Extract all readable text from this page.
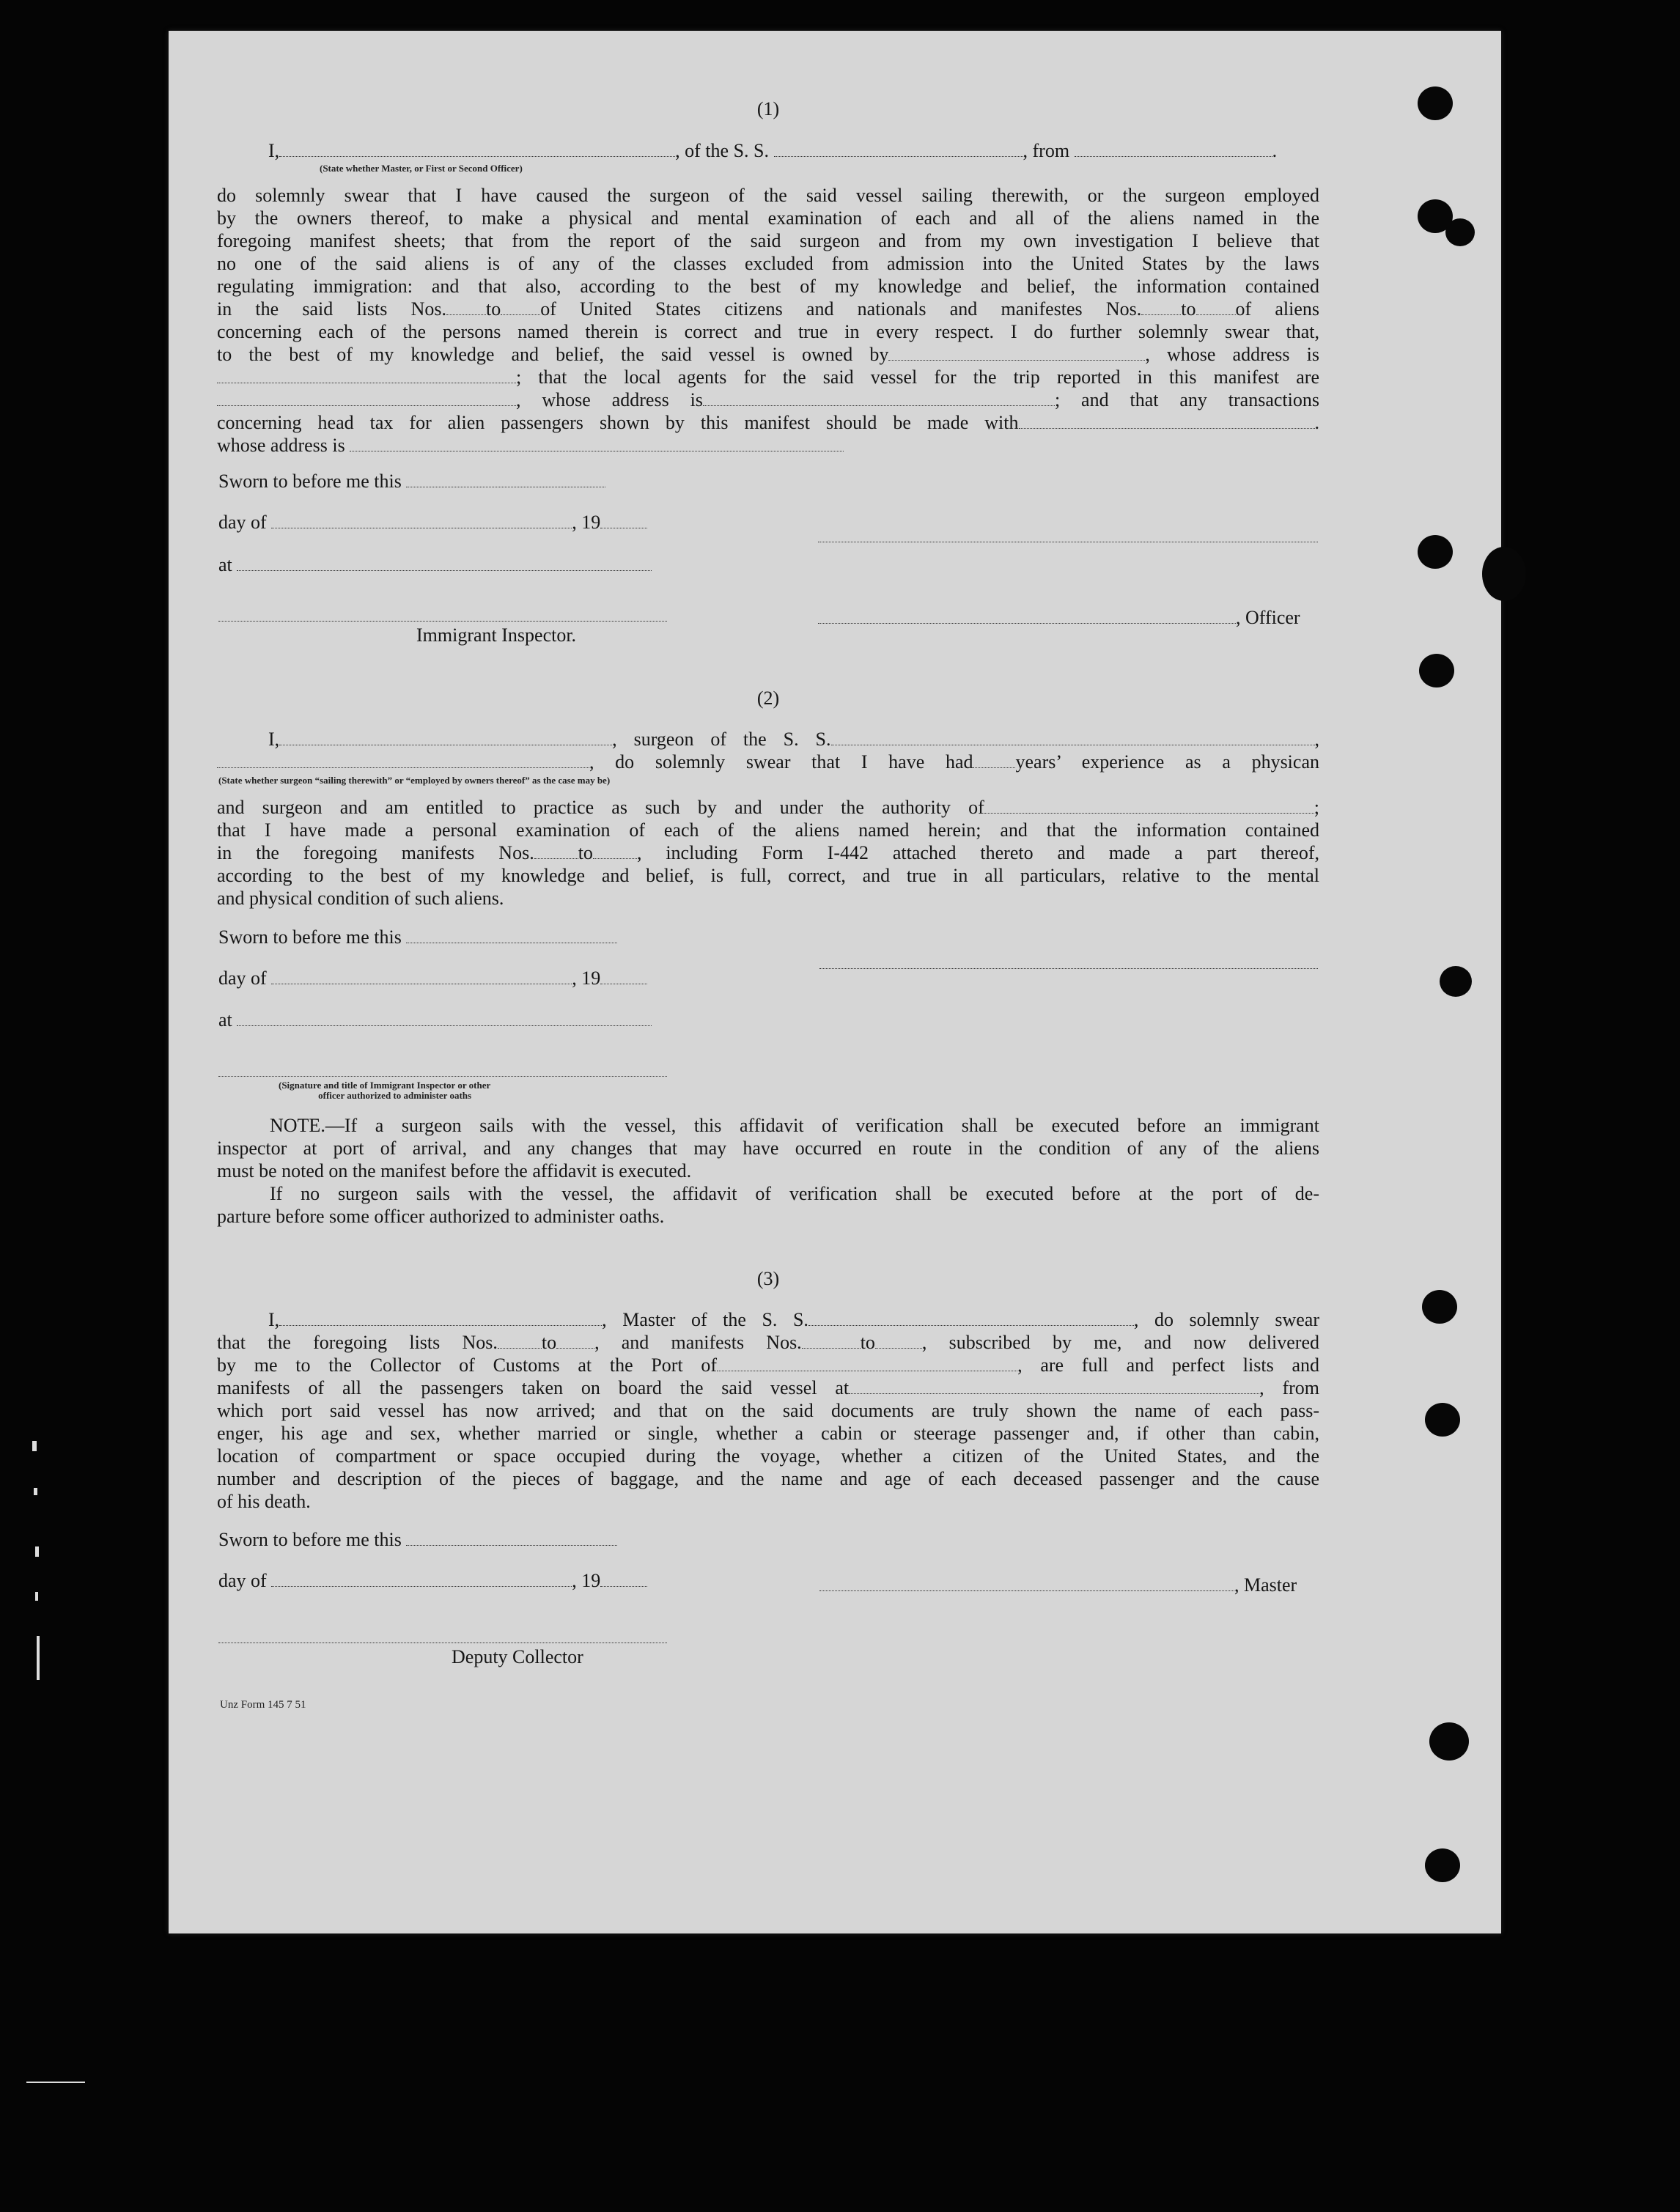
(1)

I,	, of the S. S.	, from	.

(State whether Master, or First or Second Officer)

do solemnly swear that I have caused the surgeon of the said vessel sailing therewith, or the surgeon employed

by the owners thereof, to make a physical and mental examination of each and all of the aliens named in the

foregoing manifest sheets; that from the report of the said surgeon and from my own investigation I believe that

no one of the said aliens is of any of the classes excluded from admission into the United States by the laws

regulating immigration: and that also, according to the best of my knowledge and belief, the information contained

in the said lists Nos. to of United States citizens and nationals and manifestes Nos. to of aliens

concerning each of the persons named therein is correct and true in every respect. I do further solemnly swear that,

to the best of my knowledge and belief, the said vessel is owned by	, whose address is

; that the local agents for the said vessel for the trip reported in this manifest are

, whose address is	; and that any transactions

concerning head tax for alien passengers shown by this manifest should be made with	.

whose address is

Sworn to before me this
day of	, 19
at
, Officer
Immigrant Inspector.
(2)

I,	, surgeon of the S. S.	,

, do solemnly swear that I have had years’ experience as a physican

(State whether surgeon “sailing therewith” or “employed by owners thereof” as the case may be)

and surgeon and am entitled to practice as such by and under the authority of	;

that I have made a personal examination of each of the aliens named herein; and that the information contained

in the foregoing manifests Nos. to , including Form I-442 attached thereto and made a part thereof,

according to the best of my knowledge and belief, is full, correct, and true in all particulars, relative to the mental

and physical condition of such aliens.

Sworn to before me this
day of	, 19
at
(Signature and title of Immigrant Inspector or other
officer authorized to administer oaths

NOTE.—If a surgeon sails with the vessel, this affidavit of verification shall be executed before an immigrant

inspector at port of arrival, and any changes that may have occurred en route in the condition of any of the aliens

must be noted on the manifest before the affidavit is executed.

If no surgeon sails with the vessel, the affidavit of verification shall be executed before at the port of de-

parture before some officer authorized to administer oaths.

(3)

I,	, Master of the S. S.	, do solemnly swear

that the foregoing lists Nos. to , and manifests Nos.	to , subscribed by me, and now delivered

by me to the Collector of Customs at the Port of	, are full and perfect lists and

manifests of all the passengers taken on board the said vessel at	, from

which port said vessel has now arrived; and that on the said documents are truly shown the name of each pass-

enger, his age and sex, whether married or single, whether a cabin or steerage passenger and, if other than cabin,

location of compartment or space occupied during the voyage, whether a citizen of the United States, and the

number and description of the pieces of baggage, and the name and age of each deceased passenger and the cause

of his death.

Sworn to before me this
day of	, 19	, Master
Deputy Collector
Unz Form 145 7 51
